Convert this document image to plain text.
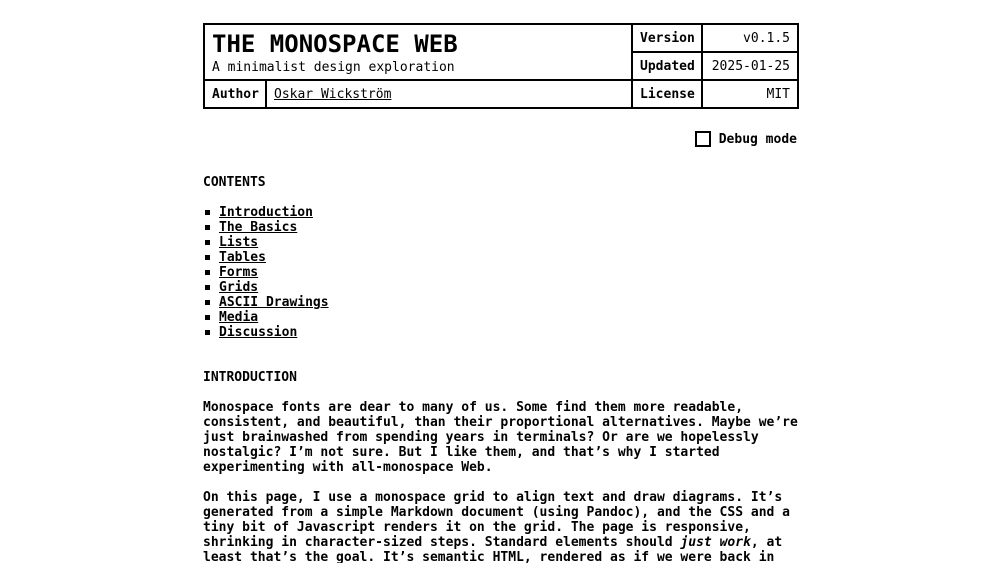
THE MONOSPACE WEB
A minimalist design exploration		Version	v0.1.5
		Updated	2025-01-25
Author	Oskar Wickström	License	MIT
Debug mode
CONTENTS
Introduction
The Basics
Lists
Tables
Forms
Grids
ASCII Drawings
Media
Discussion
INTRODUCTION

Monospace fonts are dear to many of us. Some find them more readable, consistent, and beautiful, than their proportional alternatives. Maybe we’re just brainwashed from spending years in terminals? Or are we hopelessly nostalgic? I’m not sure. But I like them, and that’s why I started experimenting with all-monospace Web.

On this page, I use a monospace grid to align text and draw diagrams. It’s generated from a simple Markdown document (using Pandoc), and the CSS and a tiny bit of Javascript renders it on the grid. The page is responsive, shrinking in character-sized steps. Standard elements should just work, at least that’s the goal. It’s semantic HTML, rendered as if we were back in
